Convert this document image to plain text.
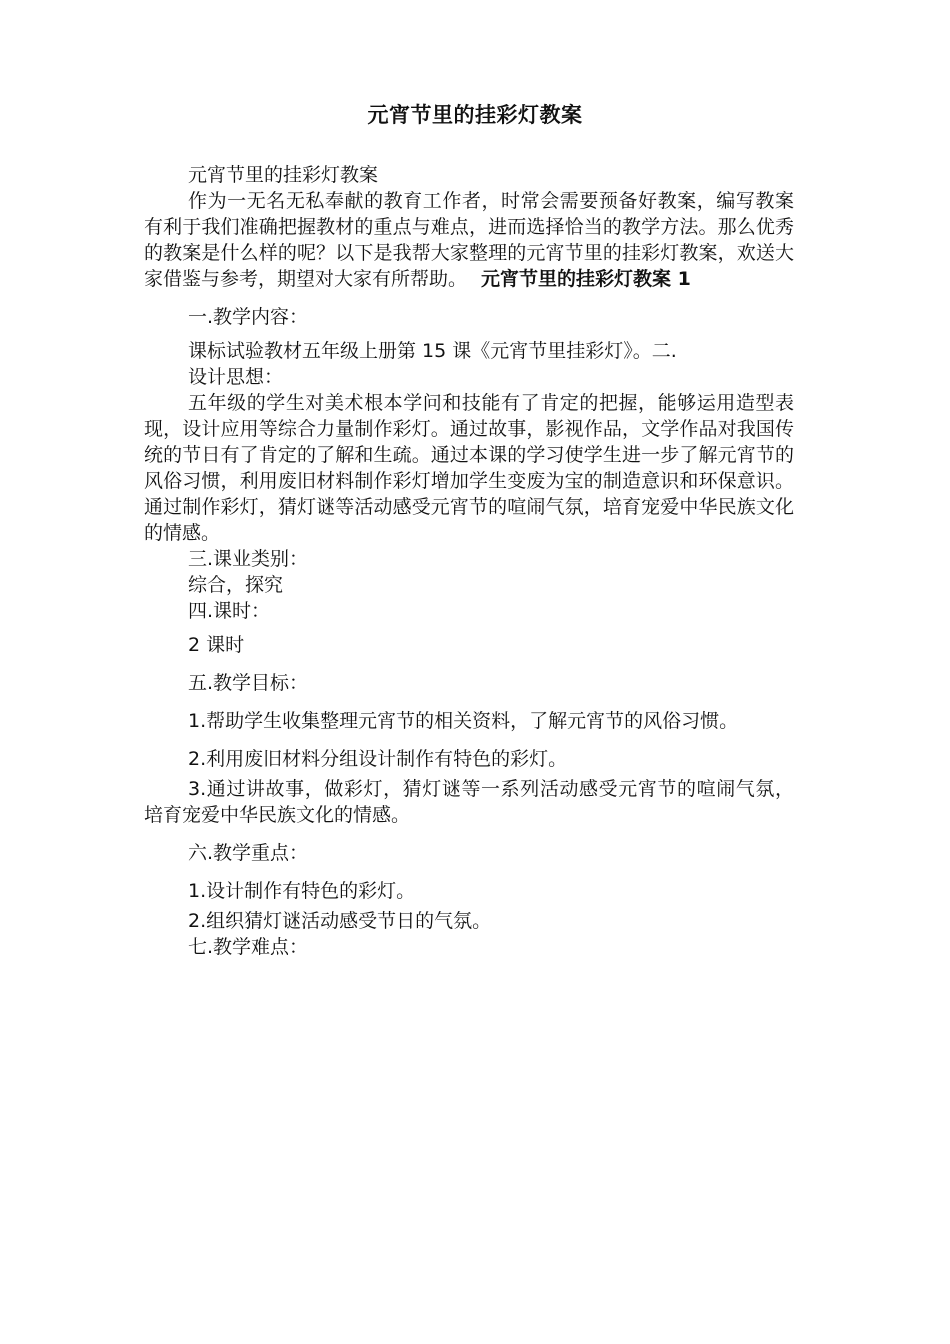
元宵节里的挂彩灯教案

元宵节里的挂彩灯教案

作为一无名无私奉献的教育工作者，时常会需要预备好教案，编写教案有利于我们准确把握教材的重点与难点，进而选择恰当的教学方法。那么优秀的教案是什么样的呢？以下是我帮大家整理的元宵节里的挂彩灯教案，欢送大家借鉴与参考，期望对大家有所帮助。 元宵节里的挂彩灯教案 1

一.教学内容：

课标试验教材五年级上册第 15 课《元宵节里挂彩灯》。二.

设计思想：

五年级的学生对美术根本学问和技能有了肯定的把握，能够运用造型表现，设计应用等综合力量制作彩灯。通过故事，影视作品，文学作品对我国传统的节日有了肯定的了解和生疏。通过本课的学习使学生进一步了解元宵节的风俗习惯，利用废旧材料制作彩灯增加学生变废为宝的制造意识和环保意识。通过制作彩灯，猜灯谜等活动感受元宵节的喧闹气氛，培育宠爱中华民族文化的情感。

三.课业类别：

综合，探究

四.课时：

2 课时

五.教学目标：

1.帮助学生收集整理元宵节的相关资料，了解元宵节的风俗习惯。

2.利用废旧材料分组设计制作有特色的彩灯。

3.通过讲故事，做彩灯，猜灯谜等一系列活动感受元宵节的喧闹气氛，培育宠爱中华民族文化的情感。

六.教学重点：

1.设计制作有特色的彩灯。

2.组织猜灯谜活动感受节日的气氛。

七.教学难点：
